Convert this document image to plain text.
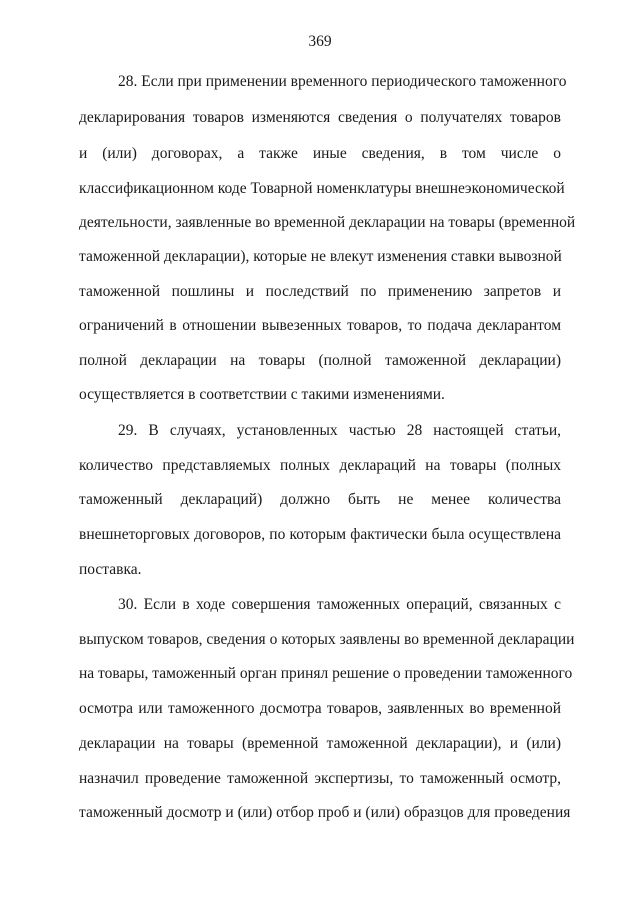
369
28. Если при применении временного периодического таможенного
декларирования товаров изменяются сведения о получателях товаров
и (или) договорах, а также иные сведения, в том числе о
классификационном коде Товарной номенклатуры внешнеэкономической
деятельности, заявленные во временной декларации на товары (временной
таможенной декларации), которые не влекут изменения ставки вывозной
таможенной пошлины и последствий по применению запретов и
ограничений в отношении вывезенных товаров, то подача декларантом
полной декларации на товары (полной таможенной декларации)
осуществляется в соответствии с такими изменениями.
29. В случаях, установленных частью 28 настоящей статьи,
количество представляемых полных деклараций на товары (полных
таможенный деклараций) должно быть не менее количества
внешнеторговых договоров, по которым фактически была осуществлена
поставка.
30. Если в ходе совершения таможенных операций, связанных с
выпуском товаров, сведения о которых заявлены во временной декларации
на товары, таможенный орган принял решение о проведении таможенного
осмотра или таможенного досмотра товаров, заявленных во временной
декларации на товары (временной таможенной декларации), и (или)
назначил проведение таможенной экспертизы, то таможенный осмотр,
таможенный досмотр и (или) отбор проб и (или) образцов для проведения
